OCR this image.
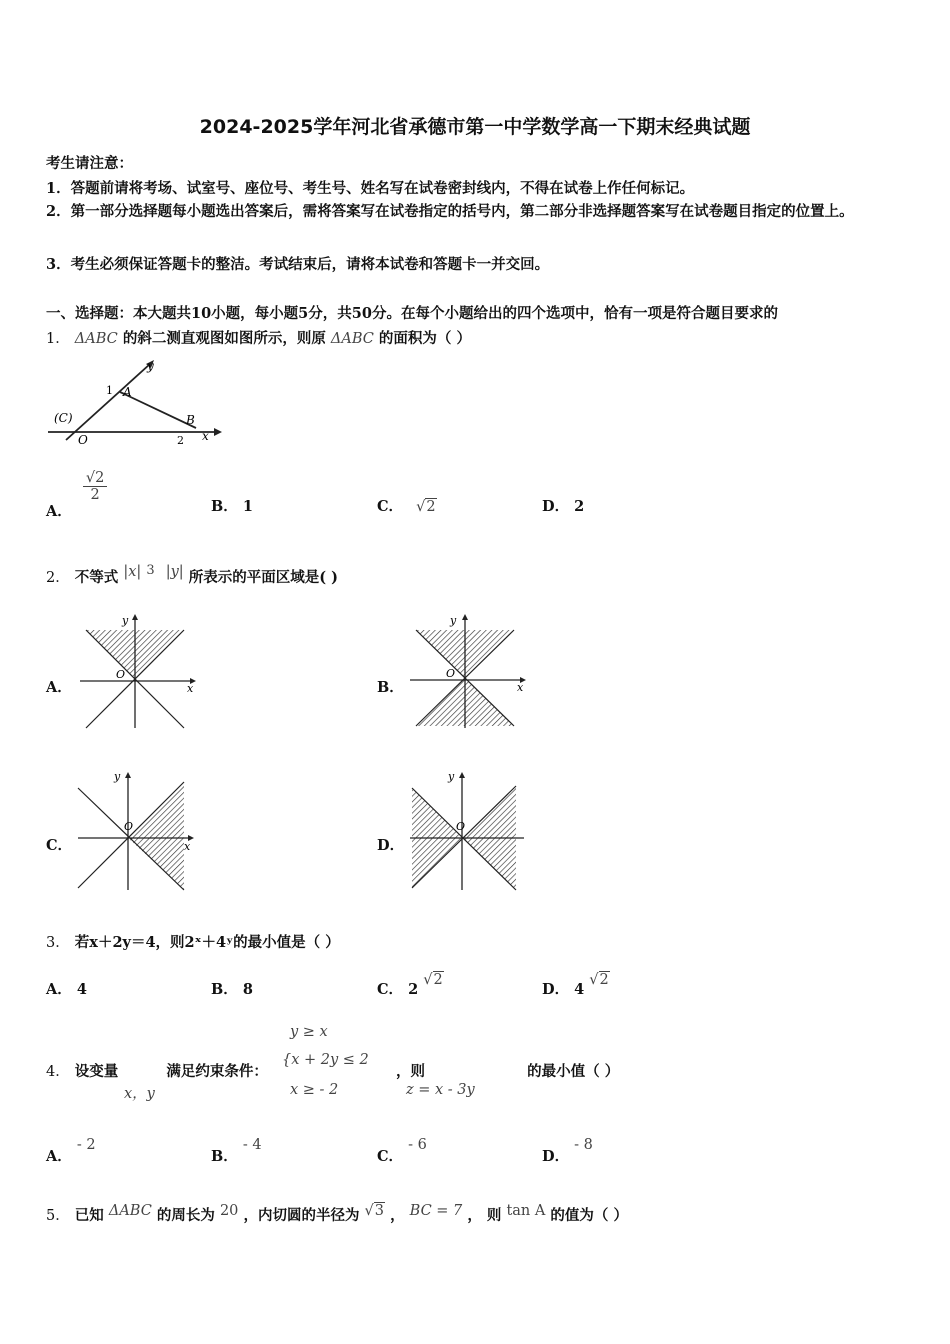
2024-2025学年河北省承德市第一中学数学高一下期末经典试题
考生请注意：
1．答题前请将考场、试室号、座位号、考生号、姓名写在试卷密封线内，不得在试卷上作任何标记。
2．第一部分选择题每小题选出答案后，需将答案写在试卷指定的括号内，第二部分非选择题答案写在试卷题目指定的位置上。
3．考生必须保证答题卡的整洁。考试结束后，请将本试卷和答题卡一并交回。
一、选择题：本大题共10小题，每小题5分，共50分。在每个小题给出的四个选项中，恰有一项是符合题目要求的
1． ΔABC 的斜二测直观图如图所示，则原 ΔABC 的面积为（ ）
y
1 A
(C)
O
B
2 x
A．
$\frac{√2}{2}$
B． 1	C． √2	D． 2
2． 不等式 |x| 3 |y| 所表示的平面区域是( )
A．	B．
C．	D．
y
x
O
y
x
O
y
x
O
y
O
3． 若x＋2y＝4，则2ˣ＋4ʸ的最小值是（ ）
A． 4	B． 8	C． 2 √2
D． 4 √2
4． 设变量	满足约束条件：	，则	的最小值（ ）
x，y
y ≥ x
{x + 2y ≤ 2
x ≥ - 2	z = x - 3y
A． - 2
B． - 4
C． - 6
D． - 8
5． 已知 ΔABC 的周长为 20 ，内切圆的半径为 √3 ， BC = 7 ， 则 tan A 的值为（ ）
